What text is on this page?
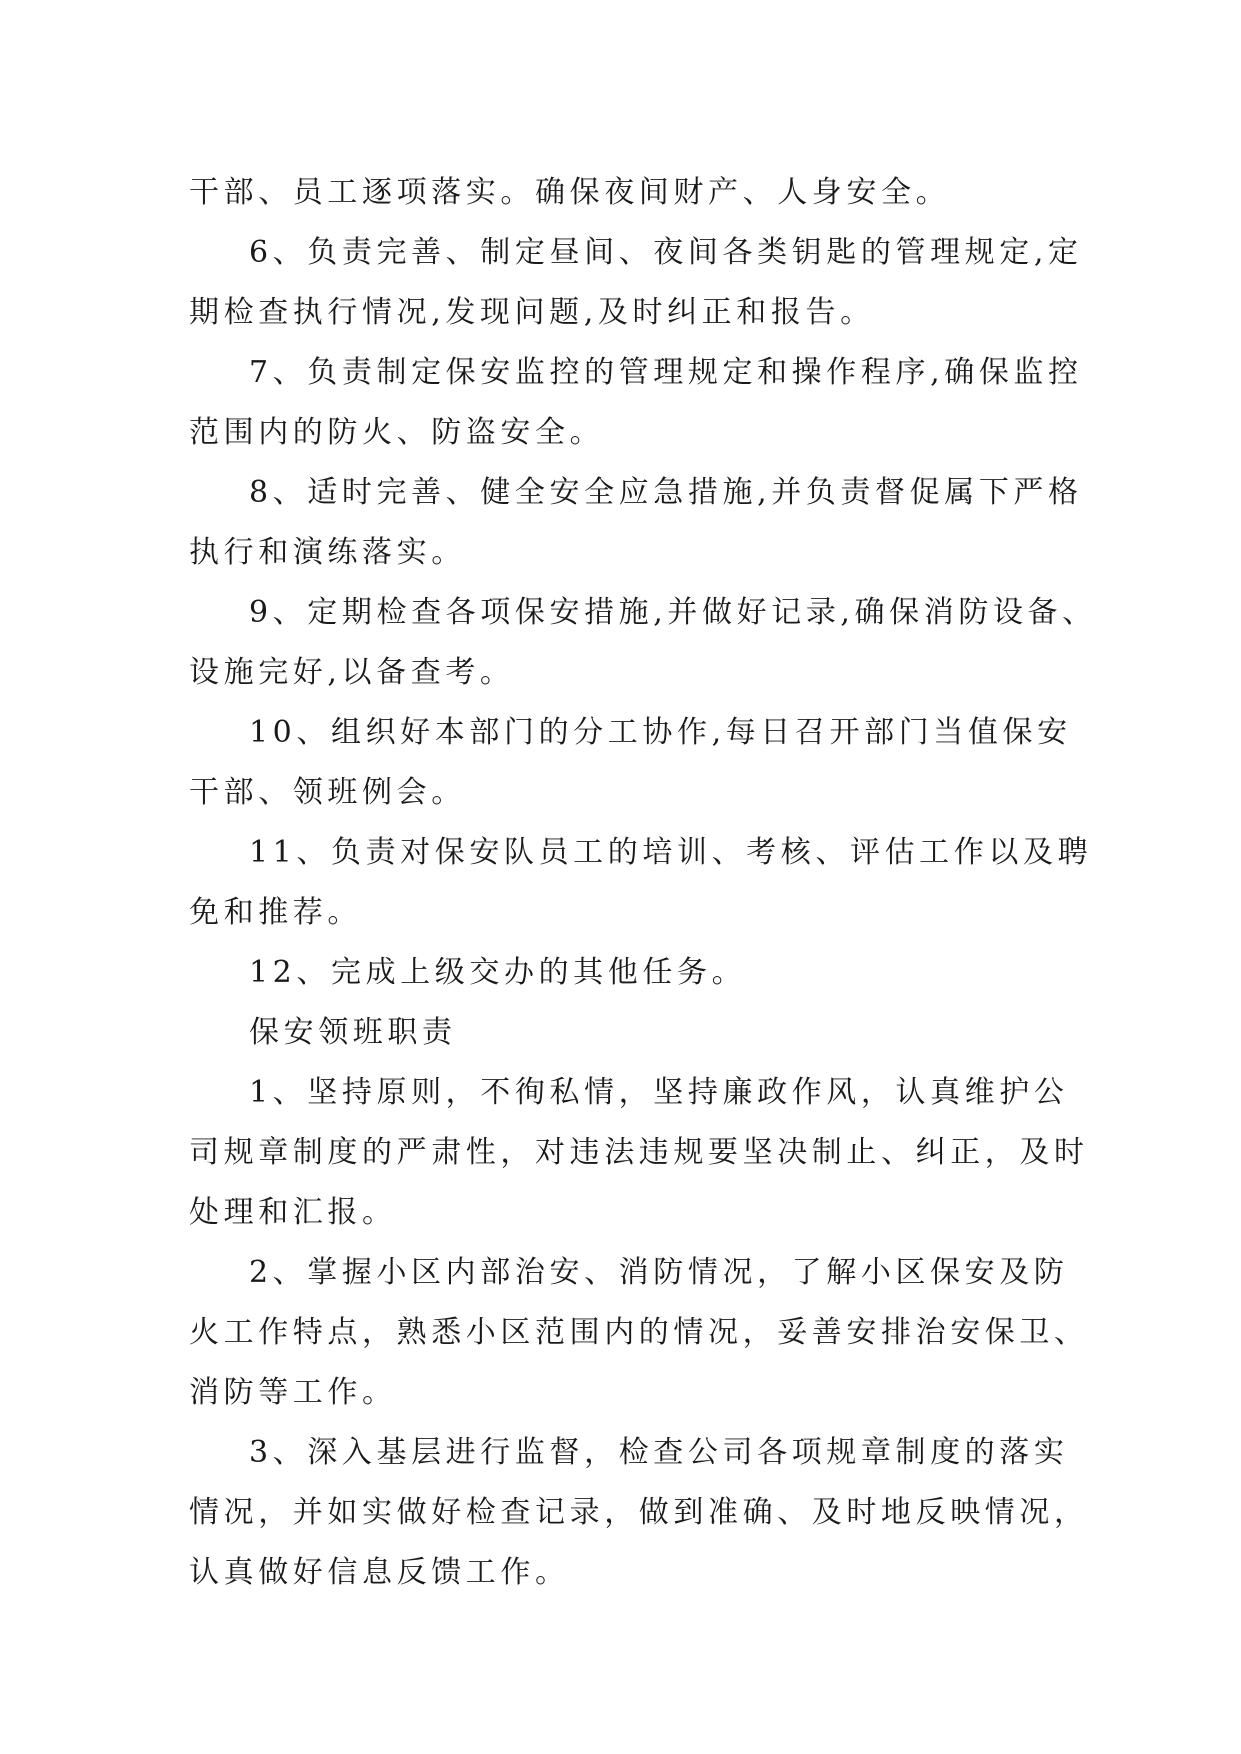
干部、员工逐项落实。确保夜间财产、人身安全。
6、负责完善、制定昼间、夜间各类钥匙的管理规定,定
期检查执行情况,发现问题,及时纠正和报告。
7、负责制定保安监控的管理规定和操作程序,确保监控
范围内的防火、防盗安全。
8、适时完善、健全安全应急措施,并负责督促属下严格
执行和演练落实。
9、定期检查各项保安措施,并做好记录,确保消防设备、
设施完好,以备查考。
10、组织好本部门的分工协作,每日召开部门当值保安
干部、领班例会。
11、负责对保安队员工的培训、考核、评估工作以及聘
免和推荐。
12、完成上级交办的其他任务。
保安领班职责
1、坚持原则，不徇私情，坚持廉政作风，认真维护公
司规章制度的严肃性，对违法违规要坚决制止、纠正，及时
处理和汇报。
2、掌握小区内部治安、消防情况，了解小区保安及防
火工作特点，熟悉小区范围内的情况，妥善安排治安保卫、
消防等工作。
3、深入基层进行监督，检查公司各项规章制度的落实
情况，并如实做好检查记录，做到准确、及时地反映情况，
认真做好信息反馈工作。
